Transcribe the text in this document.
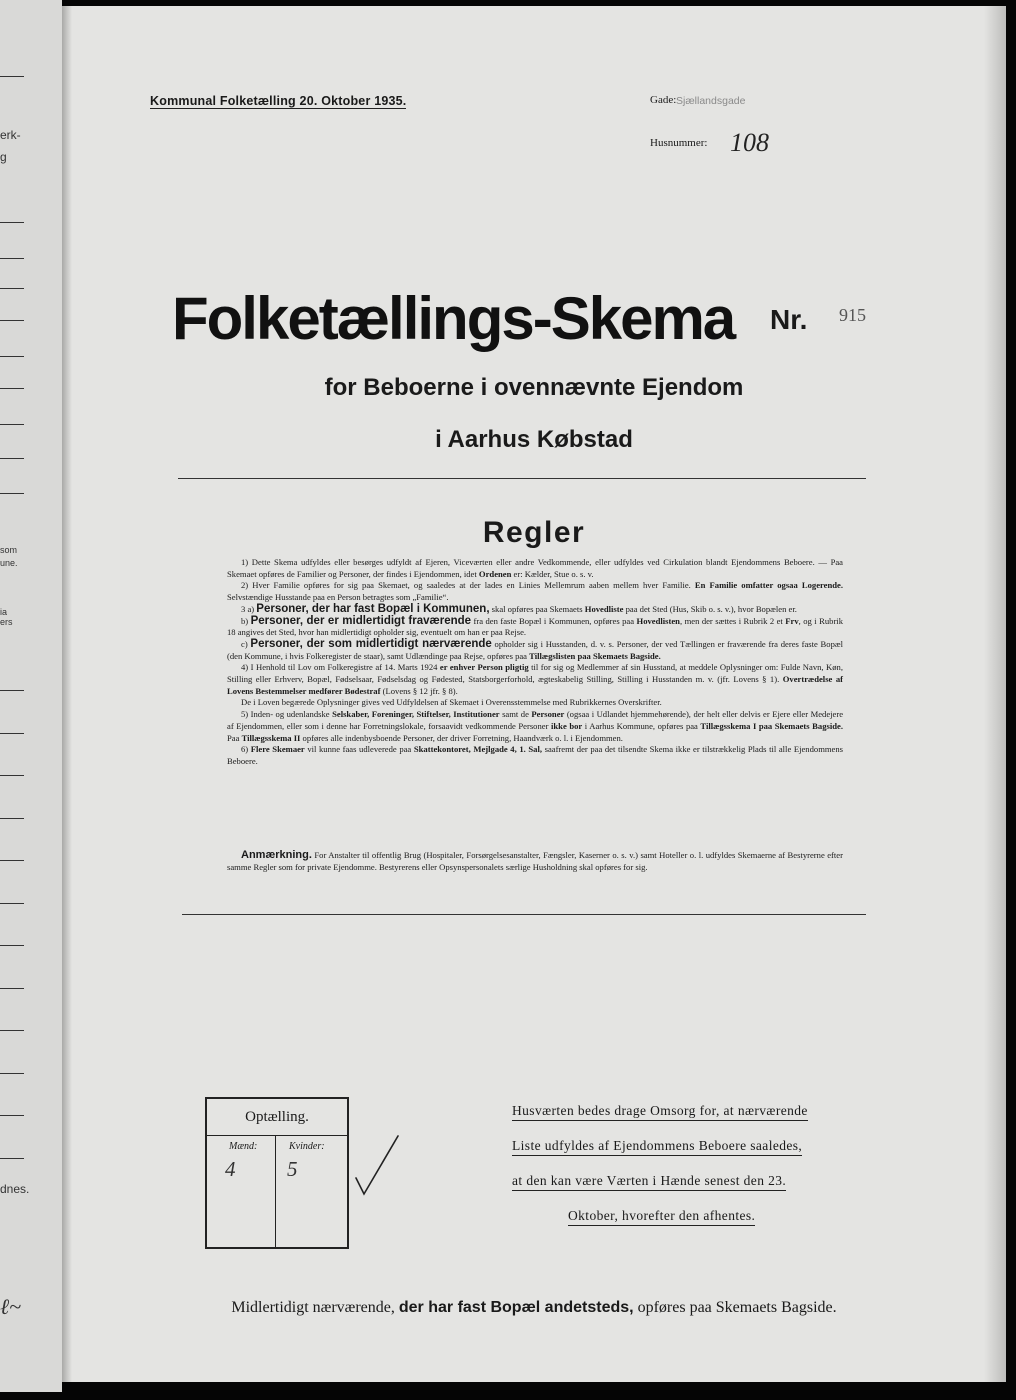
erk-
g
som
une.
ia
ers
dnes.
ℓ~
Kommunal Folketælling 20. Oktober 1935.	Gade: Sjællandsgade
Husnummer: 108
Folketællings-Skema Nr. 915
for Beboerne i ovennævnte Ejendom
i Aarhus Købstad
Regler

1) Dette Skema udfyldes eller besørges udfyldt af Ejeren, Viceværten eller andre Vedkommende, eller udfyldes ved Cirkulation blandt Ejendommens Beboere. — Paa Skemaet opføres de Familier og Personer, der findes i Ejendommen, idet Ordenen er: Kælder, Stue o. s. v.

2) Hver Familie opføres for sig paa Skemaet, og saaledes at der lades en Linies Mellemrum aaben mellem hver Familie. En Familie omfatter ogsaa Logerende. Selvstændige Husstande paa en Person betragtes som „Familie“.

3 a) Personer, der har fast Bopæl i Kommunen, skal opføres paa Skemaets Hovedliste paa det Sted (Hus, Skib o. s. v.), hvor Bopælen er.

b) Personer, der er midlertidigt fraværende fra den faste Bopæl i Kommunen, opføres paa Hovedlisten, men der sættes i Rubrik 2 et Frv, og i Rubrik 18 angives det Sted, hvor han midlertidigt opholder sig, eventuelt om han er paa Rejse.

c) Personer, der som midlertidigt nærværende opholder sig i Husstanden, d. v. s. Personer, der ved Tællingen er fraværende fra deres faste Bopæl (den Kommune, i hvis Folkeregister de staar), samt Udlændinge paa Rejse, opføres paa Tillægslisten paa Skemaets Bagside.

4) I Henhold til Lov om Folkeregistre af 14. Marts 1924 er enhver Person pligtig til for sig og Medlemmer af sin Husstand, at meddele Oplysninger om: Fulde Navn, Køn, Stilling eller Erhverv, Bopæl, Fødselsaar, Fødselsdag og Fødested, Statsborgerforhold, ægteskabelig Stilling, Stilling i Husstanden m. v. (jfr. Lovens § 1). Overtrædelse af Lovens Bestemmelser medfører Bødestraf (Lovens § 12 jfr. § 8).

De i Loven begærede Oplysninger gives ved Udfyldelsen af Skemaet i Overensstemmelse med Rubrikkernes Overskrifter.

5) Inden- og udenlandske Selskaber, Foreninger, Stiftelser, Institutioner samt de Personer (ogsaa i Udlandet hjemmehørende), der helt eller delvis er Ejere eller Medejere af Ejendommen, eller som i denne har Forretningslokale, forsaavidt vedkommende Personer ikke bor i Aarhus Kommune, opføres paa Tillægsskema I paa Skemaets Bagside. Paa Tillægsskema II opføres alle indenbysboende Personer, der driver Forretning, Haandværk o. l. i Ejendommen.

6) Flere Skemaer vil kunne faas udleverede paa Skattekontoret, Mejlgade 4, 1. Sal, saafremt der paa det tilsendte Skema ikke er tilstrækkelig Plads til alle Ejendommens Beboere.

Anmærkning. For Anstalter til offentlig Brug (Hospitaler, Forsørgelsesanstalter, Fængsler, Kaserner o. s. v.) samt Hoteller o. l. udfyldes Skemaerne af Bestyrerne efter samme Regler som for private Ejendomme. Bestyrerens eller Opsynspersonalets særlige Husholdning skal opføres for sig.
Optælling.
Mænd:	Kvinder:
4 5
Husværten bedes drage Omsorg for, at nærværende
Liste udfyldes af Ejendommens Beboere saaledes,
at den kan være Værten i Hænde senest den 23.
Oktober, hvorefter den afhentes.
Midlertidigt nærværende, der har fast Bopæl andetsteds, opføres paa Skemaets Bagside.
